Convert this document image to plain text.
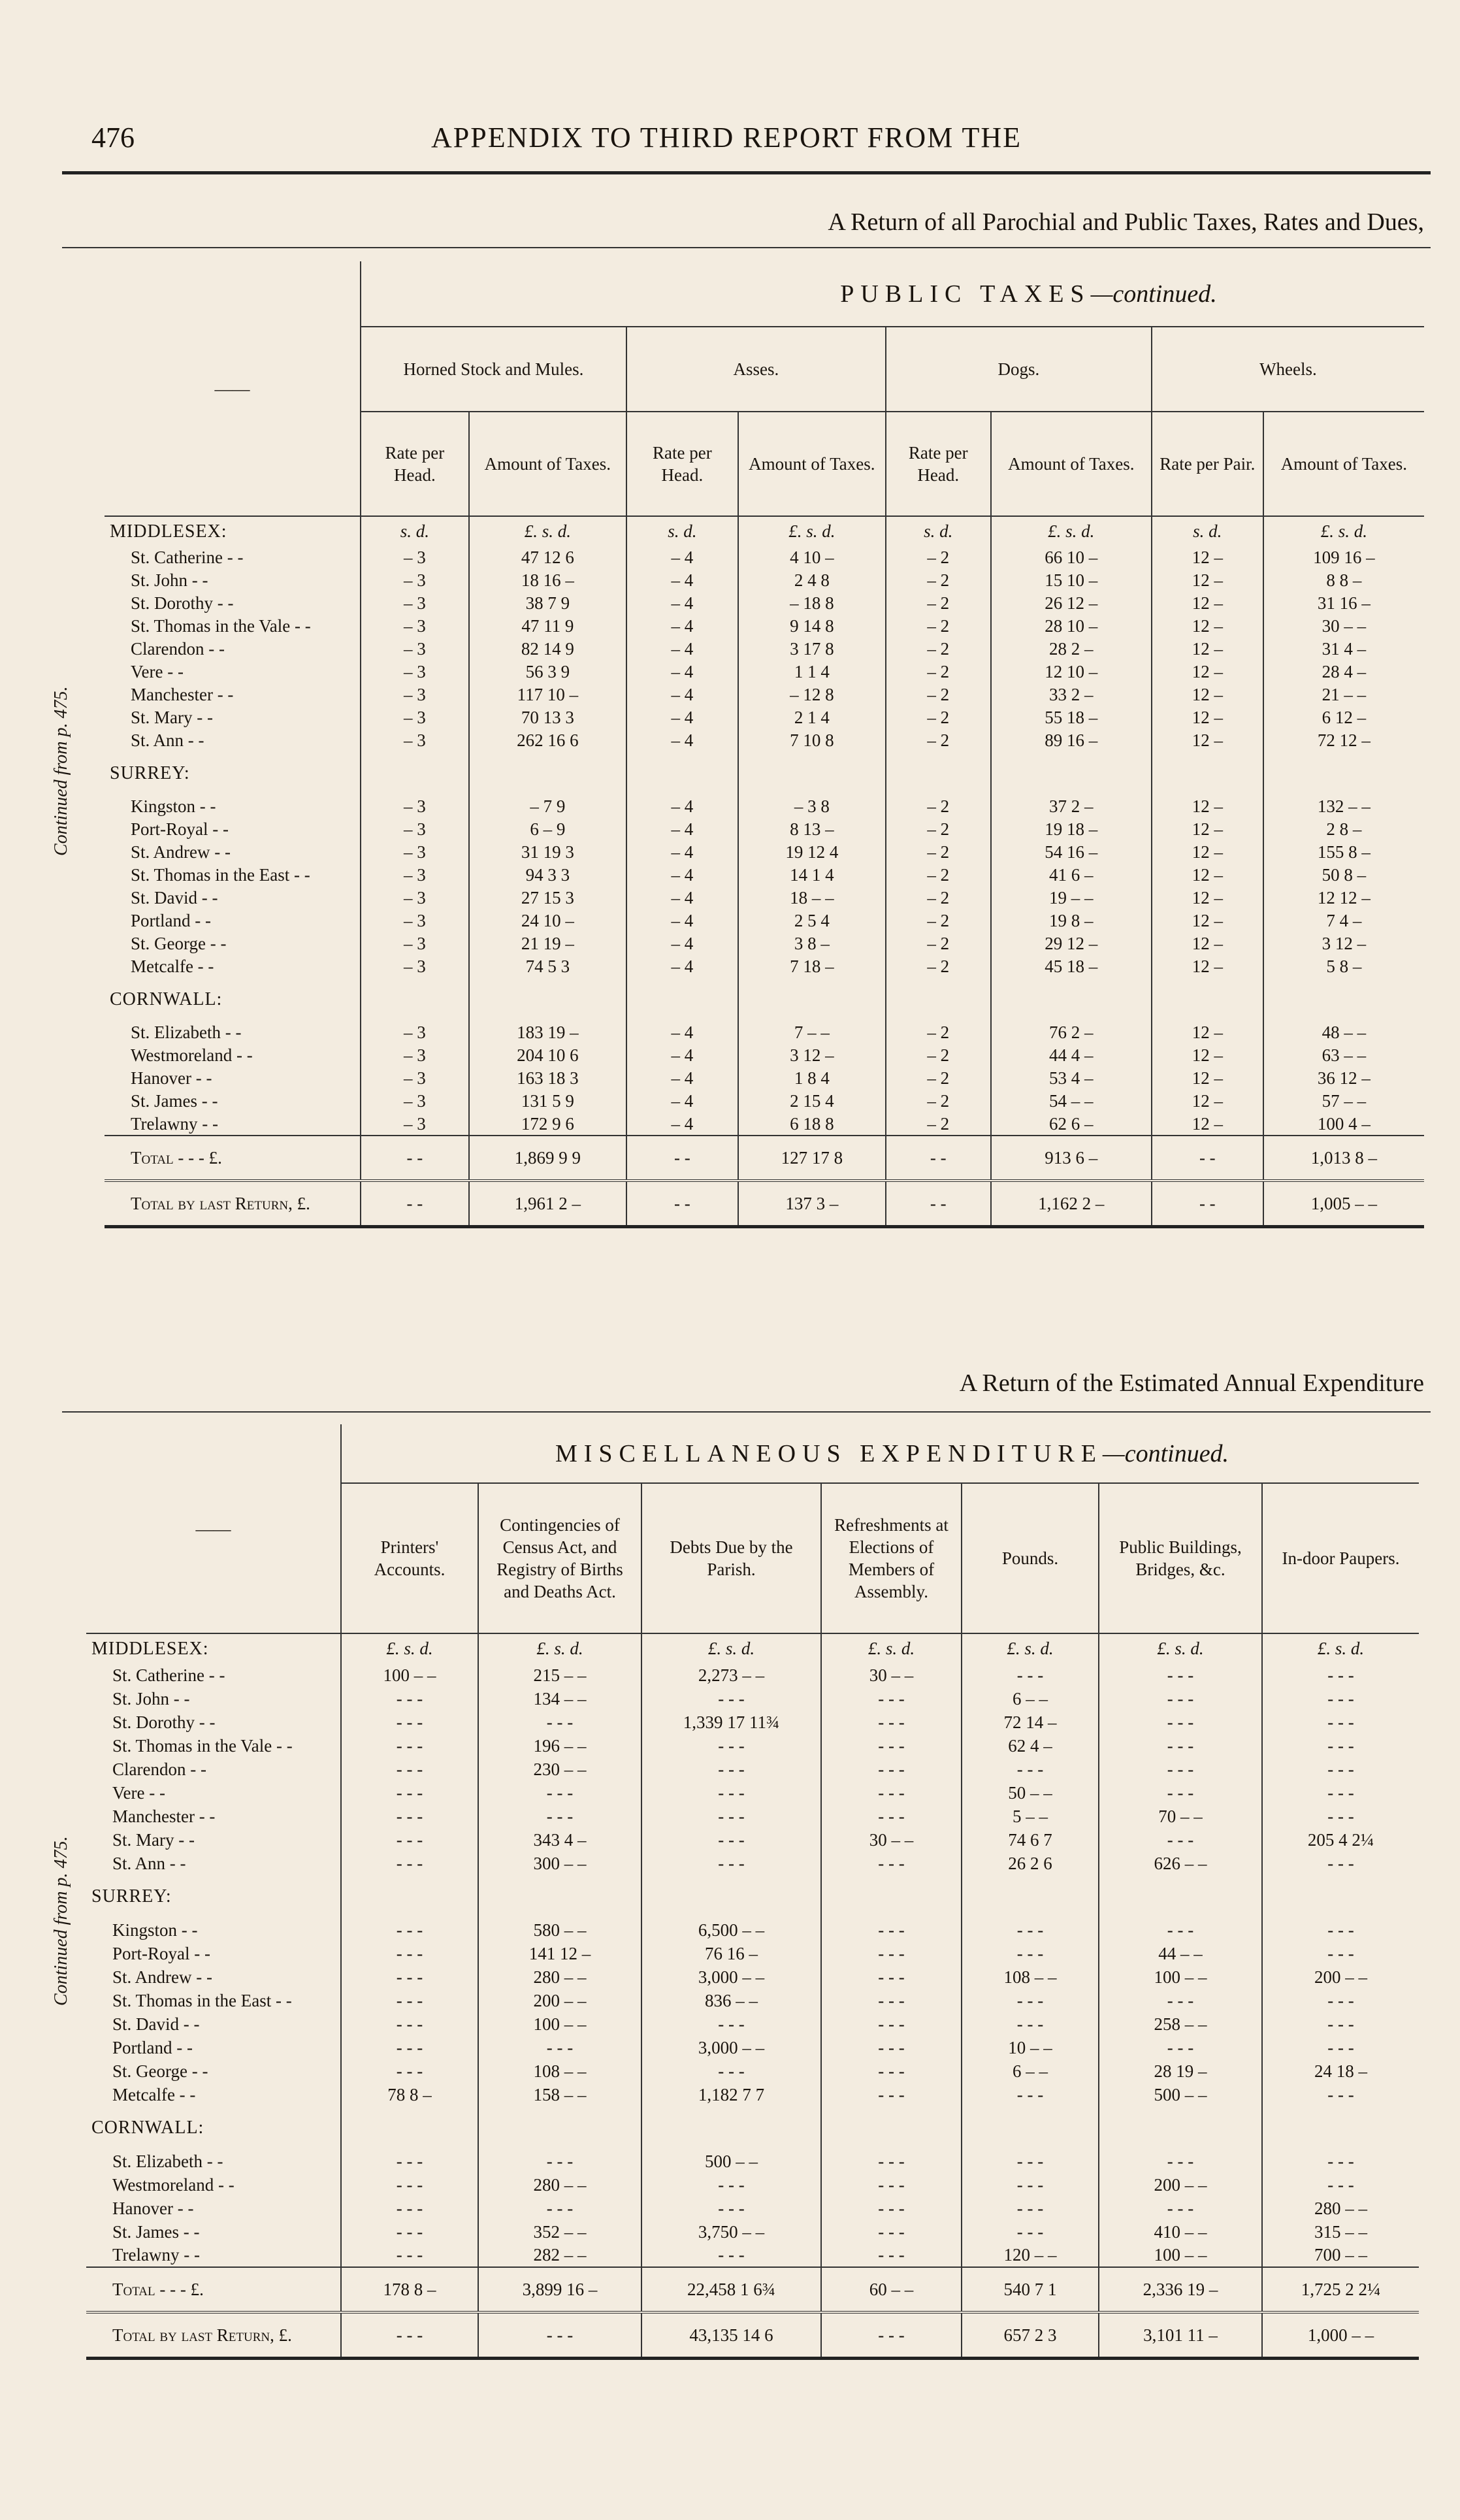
476	APPENDIX TO THIRD REPORT FROM THE
A Return of all Parochial and Public Taxes, Rates and Dues,
Continued from p. 475.
——	PUBLIC TAXES—continued.							
	Horned Stock and Mules.		Asses.		Dogs.		Wheels.	
	Rate per Head.	Amount of Taxes.	Rate per Head.	Amount of Taxes.	Rate per Head.	Amount of Taxes.	Rate per Pair.	Amount of Taxes.
MIDDLESEX:	s. d.	£. s. d.	s. d.	£. s. d.	s. d.	£. s. d.	s. d.	£. s. d.
St. Catherine - -	– 3	47 12 6	– 4	4 10 –	– 2	66 10 –	12 –	109 16 –
St. John - -	– 3	18 16 –	– 4	2 4 8	– 2	15 10 –	12 –	8 8 –
St. Dorothy - -	– 3	38 7 9	– 4	– 18 8	– 2	26 12 –	12 –	31 16 –
St. Thomas in the Vale - -	– 3	47 11 9	– 4	9 14 8	– 2	28 10 –	12 –	30 – –
Clarendon - -	– 3	82 14 9	– 4	3 17 8	– 2	28 2 –	12 –	31 4 –
Vere - -	– 3	56 3 9	– 4	1 1 4	– 2	12 10 –	12 –	28 4 –
Manchester - -	– 3	117 10 –	– 4	– 12 8	– 2	33 2 –	12 –	21 – –
St. Mary - -	– 3	70 13 3	– 4	2 1 4	– 2	55 18 –	12 –	6 12 –
St. Ann - -	– 3	262 16 6	– 4	7 10 8	– 2	89 16 –	12 –	72 12 –
SURREY:								
Kingston - -	– 3	– 7 9	– 4	– 3 8	– 2	37 2 –	12 –	132 – –
Port-Royal - -	– 3	6 – 9	– 4	8 13 –	– 2	19 18 –	12 –	2 8 –
St. Andrew - -	– 3	31 19 3	– 4	19 12 4	– 2	54 16 –	12 –	155 8 –
St. Thomas in the East - -	– 3	94 3 3	– 4	14 1 4	– 2	41 6 –	12 –	50 8 –
St. David - -	– 3	27 15 3	– 4	18 – –	– 2	19 – –	12 –	12 12 –
Portland - -	– 3	24 10 –	– 4	2 5 4	– 2	19 8 –	12 –	7 4 –
St. George - -	– 3	21 19 –	– 4	3 8 –	– 2	29 12 –	12 –	3 12 –
Metcalfe - -	– 3	74 5 3	– 4	7 18 –	– 2	45 18 –	12 –	5 8 –
CORNWALL:								
St. Elizabeth - -	– 3	183 19 –	– 4	7 – –	– 2	76 2 –	12 –	48 – –
Westmoreland - -	– 3	204 10 6	– 4	3 12 –	– 2	44 4 –	12 –	63 – –
Hanover - -	– 3	163 18 3	– 4	1 8 4	– 2	53 4 –	12 –	36 12 –
St. James - -	– 3	131 5 9	– 4	2 15 4	– 2	54 – –	12 –	57 – –
Trelawny - -	– 3	172 9 6	– 4	6 18 8	– 2	62 6 –	12 –	100 4 –
Total - - - £.	- -	1,869 9 9	- -	127 17 8	- -	913 6 –	- -	1,013 8 –
Total by last Return, £.	- -	1,961 2 –	- -	137 3 –	- -	1,162 2 –	- -	1,005 – –
A Return of the Estimated Annual Expenditure
Continued from p. 475.
——	MISCELLANEOUS EXPENDITURE—continued.						
	Printers' Accounts.	Contingencies of Census Act, and Registry of Births and Deaths Act.	Debts Due by the Parish.	Refreshments at Elections of Members of Assembly.	Pounds.	Public Buildings, Bridges, &c.	In-door Paupers.
MIDDLESEX:	£. s. d.	£. s. d.	£. s. d.	£. s. d.	£. s. d.	£. s. d.	£. s. d.
St. Catherine - -	100 – –	215 – –	2,273 – –	30 – –	- - -	- - -	- - -
St. John - -	- - -	134 – –	- - -	- - -	6 – –	- - -	- - -
St. Dorothy - -	- - -	- - -	1,339 17 11¾	- - -	72 14 –	- - -	- - -
St. Thomas in the Vale - -	- - -	196 – –	- - -	- - -	62 4 –	- - -	- - -
Clarendon - -	- - -	230 – –	- - -	- - -	- - -	- - -	- - -
Vere - -	- - -	- - -	- - -	- - -	50 – –	- - -	- - -
Manchester - -	- - -	- - -	- - -	- - -	5 – –	70 – –	- - -
St. Mary - -	- - -	343 4 –	- - -	30 – –	74 6 7	- - -	205 4 2¼
St. Ann - -	- - -	300 – –	- - -	- - -	26 2 6	626 – –	- - -
SURREY:							
Kingston - -	- - -	580 – –	6,500 – –	- - -	- - -	- - -	- - -
Port-Royal - -	- - -	141 12 –	76 16 –	- - -	- - -	44 – –	- - -
St. Andrew - -	- - -	280 – –	3,000 – –	- - -	108 – –	100 – –	200 – –
St. Thomas in the East - -	- - -	200 – –	836 – –	- - -	- - -	- - -	- - -
St. David - -	- - -	100 – –	- - -	- - -	- - -	258 – –	- - -
Portland - -	- - -	- - -	3,000 – –	- - -	10 – –	- - -	- - -
St. George - -	- - -	108 – –	- - -	- - -	6 – –	28 19 –	24 18 –
Metcalfe - -	78 8 –	158 – –	1,182 7 7	- - -	- - -	500 – –	- - -
CORNWALL:							
St. Elizabeth - -	- - -	- - -	500 – –	- - -	- - -	- - -	- - -
Westmoreland - -	- - -	280 – –	- - -	- - -	- - -	200 – –	- - -
Hanover - -	- - -	- - -	- - -	- - -	- - -	- - -	280 – –
St. James - -	- - -	352 – –	3,750 – –	- - -	- - -	410 – –	315 – –
Trelawny - -	- - -	282 – –	- - -	- - -	120 – –	100 – –	700 – –
Total - - - £.	178 8 –	3,899 16 –	22,458 1 6¾	60 – –	540 7 1	2,336 19 –	1,725 2 2¼
Total by last Return, £.	- - -	- - -	43,135 14 6	- - -	657 2 3	3,101 11 –	1,000 – –
